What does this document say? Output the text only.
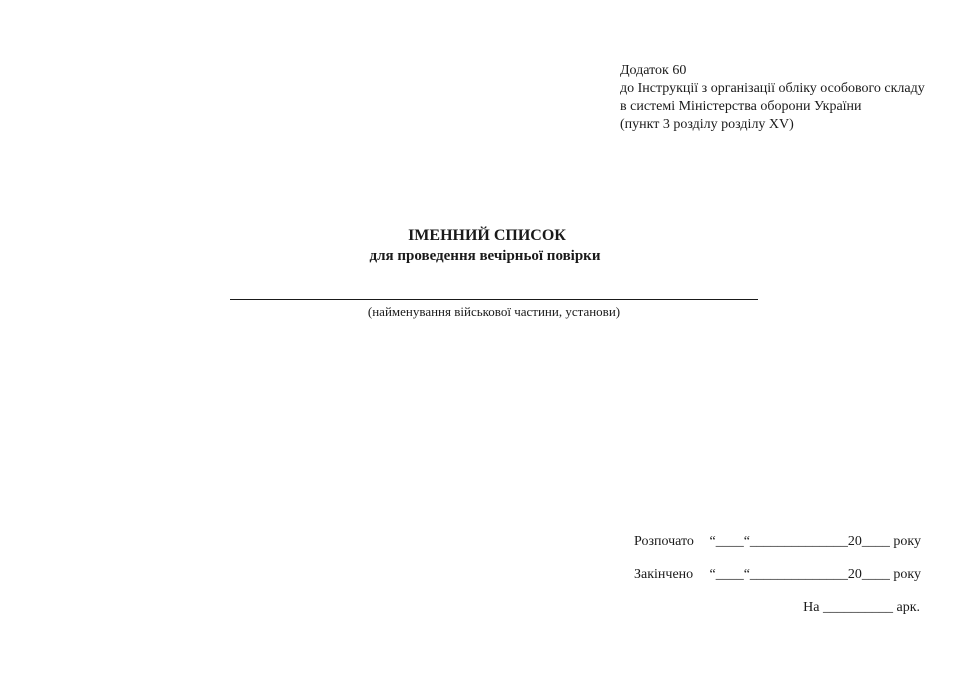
Додаток 60
до Інструкції з організації обліку особового складу
в системі Міністерства оборони України
(пункт 3 розділу розділу XV)
ІМЕННИЙ СПИСОК
для проведення вечірньої повірки
(найменування військової частини, установи)
Розпочато “____“______________20____ року
Закінчено “____“______________20____ року
На __________ арк.
